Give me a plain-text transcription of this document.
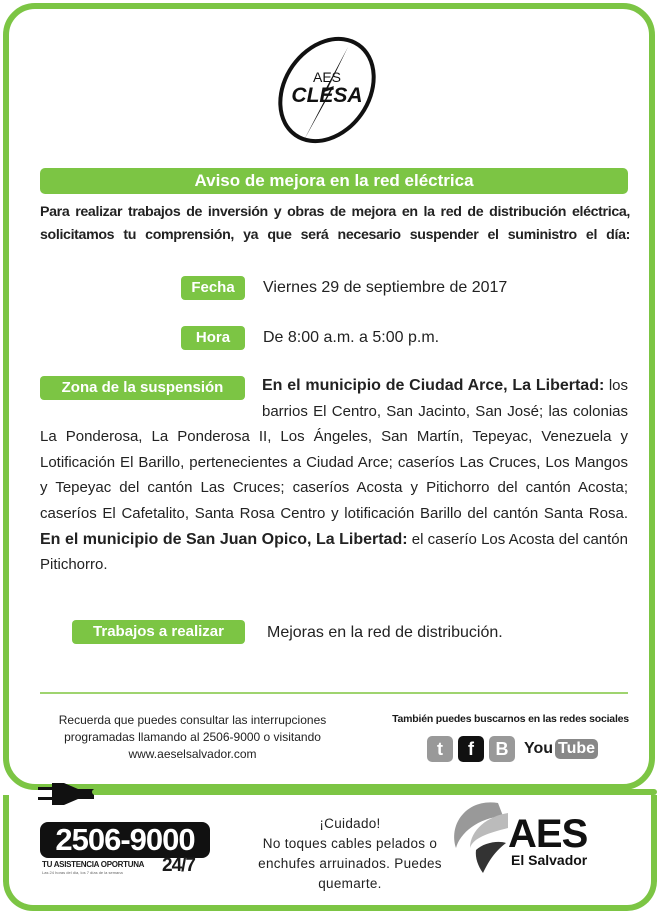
AES
CLESA
Aviso de mejora en la red eléctrica
Para realizar trabajos de inversión y obras de mejora en la red de distribución eléctrica, solicitamos tu comprensión, ya que será necesario suspender el suministro el día:
Fecha	Viernes 29 de septiembre de 2017
Hora	De 8:00 a.m. a 5:00 p.m.
Zona de la suspensión	En el municipio de Ciudad Arce, La Libertad: los barrios El Centro, San Jacinto, San José; las colonias La Ponderosa, La Ponderosa II, Los Ángeles, San Martín, Tepeyac, Venezuela y Lotificación El Barillo, pertenecientes a Ciudad Arce; caseríos Las Cruces, Los Mangos y Tepeyac del cantón Las Cruces; caseríos Acosta y Pitichorro del cantón Acosta; caseríos El Cafetalito, Santa Rosa Centro y lotificación Barillo del cantón Santa Rosa. En el municipio de San Juan Opico, La Libertad: el caserío Los Acosta del cantón Pitichorro.
Trabajos a realizar	Mejoras en la red de distribución.
Recuerda que puedes consultar las interrupciones
programadas llamando al 2506-9000 o visitando
www.aeselsalvador.com
También puedes buscarnos en las redes sociales
t	f	B You Tube
2506-9000
TU ASISTENCIA OPORTUNA
Las 24 horas del día, los 7 días de la semana 24/7
¡Cuidado!
No toques cables pelados o
enchufes arruinados. Puedes
quemarte.
AES
El Salvador
